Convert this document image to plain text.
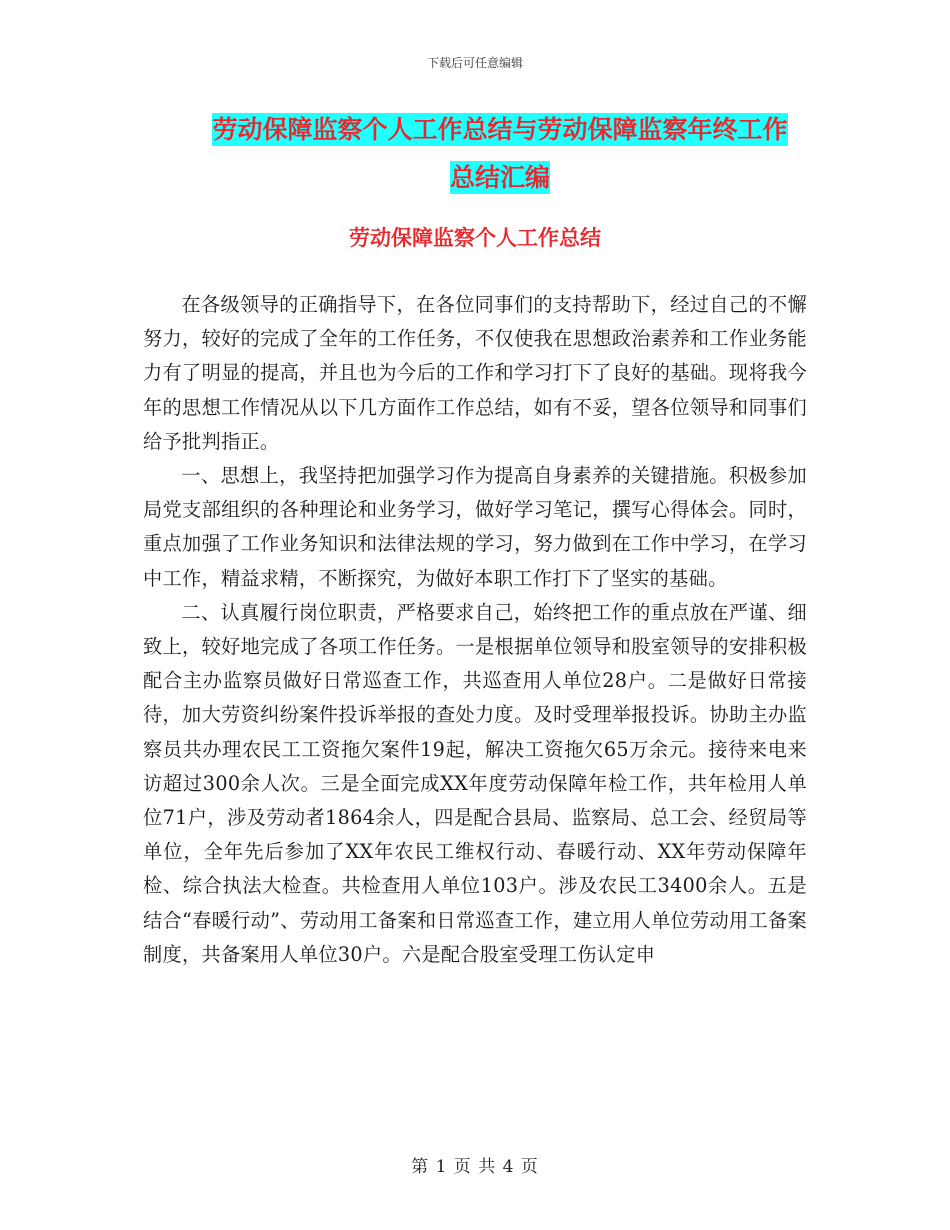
下载后可任意编辑
劳动保障监察个人工作总结与劳动保障监察年终工作
总结汇编
劳动保障监察个人工作总结

在各级领导的正确指导下，在各位同事们的支持帮助下，经过自己的不懈努力，较好的完成了全年的工作任务，不仅使我在思想政治素养和工作业务能力有了明显的提高，并且也为今后的工作和学习打下了良好的基础。现将我今年的思想工作情况从以下几方面作工作总结，如有不妥，望各位领导和同事们给予批判指正。

一、思想上，我坚持把加强学习作为提高自身素养的关键措施。积极参加局党支部组织的各种理论和业务学习，做好学习笔记，撰写心得体会。同时，重点加强了工作业务知识和法律法规的学习，努力做到在工作中学习，在学习中工作，精益求精，不断探究，为做好本职工作打下了坚实的基础。

二、认真履行岗位职责，严格要求自己，始终把工作的重点放在严谨、细致上，较好地完成了各项工作任务。一是根据单位领导和股室领导的安排积极配合主办监察员做好日常巡查工作，共巡查用人单位28户。二是做好日常接待，加大劳资纠纷案件投诉举报的查处力度。及时受理举报投诉。协助主办监察员共办理农民工工资拖欠案件19起，解决工资拖欠65万余元。接待来电来访超过300余人次。三是全面完成XX年度劳动保障年检工作，共年检用人单位71户，涉及劳动者1864余人，四是配合县局、监察局、总工会、经贸局等单位，全年先后参加了XX年农民工维权行动、春暖行动、XX年劳动保障年检、综合执法大检查。共检查用人单位103户。涉及农民工3400余人。五是结合“春暖行动”、劳动用工备案和日常巡查工作，建立用人单位劳动用工备案制度，共备案用人单位30户。六是配合股室受理工伤认定申

第 1 页 共 4 页
